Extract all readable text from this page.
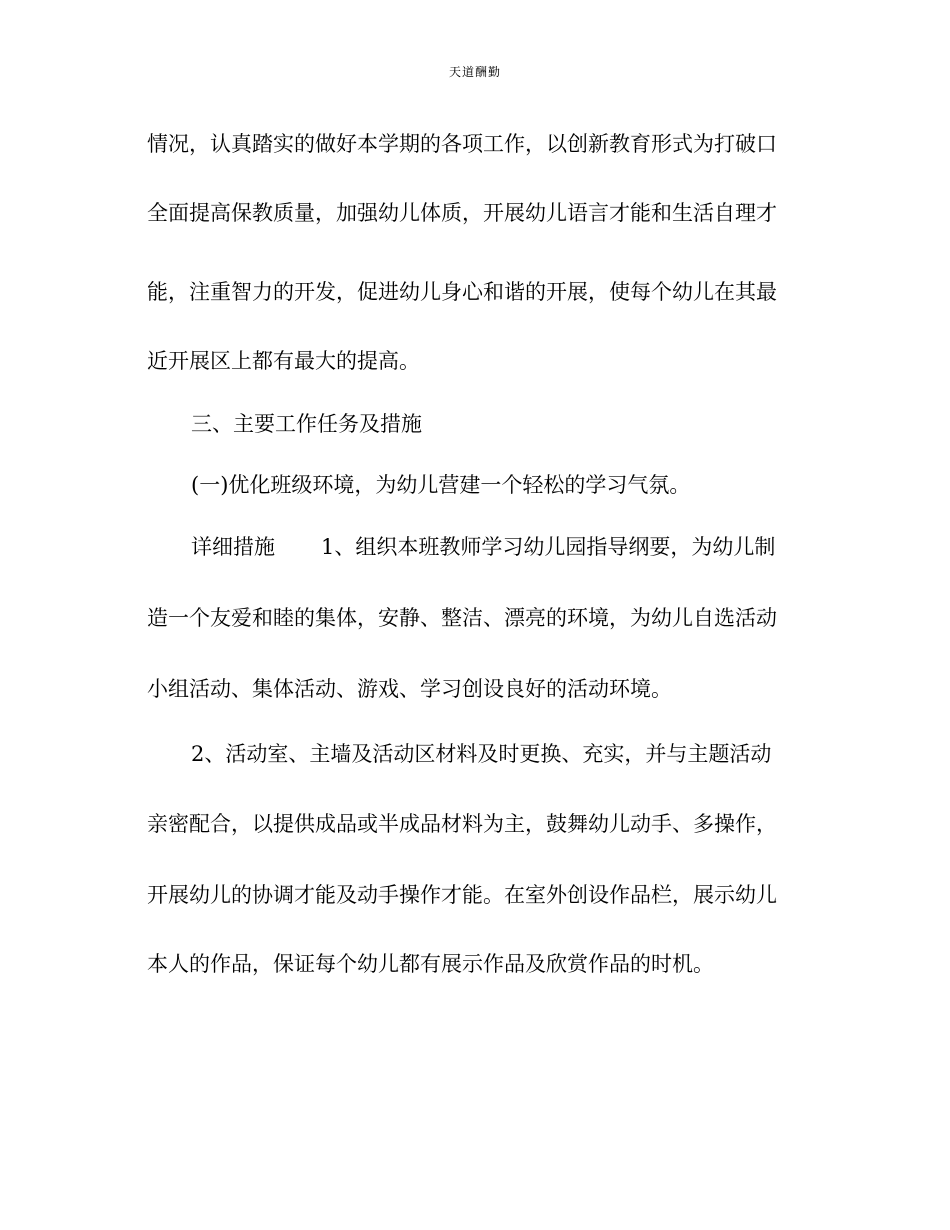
天道酬勤
情况，认真踏实的做好本学期的各项工作，以创新教育形式为打破口
全面提高保教质量，加强幼儿体质，开展幼儿语言才能和生活自理才
能，注重智力的开发，促进幼儿身心和谐的开展，使每个幼儿在其最
近开展区上都有最大的提高。
三、主要工作任务及措施
(一)优化班级环境，为幼儿营建一个轻松的学习气氛。
详细措施 1、组织本班教师学习幼儿园指导纲要，为幼儿制
造一个友爱和睦的集体，安静、整洁、漂亮的环境，为幼儿自选活动
小组活动、集体活动、游戏、学习创设良好的活动环境。
2、活动室、主墙及活动区材料及时更换、充实，并与主题活动
亲密配合，以提供成品或半成品材料为主，鼓舞幼儿动手、多操作，
开展幼儿的协调才能及动手操作才能。在室外创设作品栏，展示幼儿
本人的作品，保证每个幼儿都有展示作品及欣赏作品的时机。
